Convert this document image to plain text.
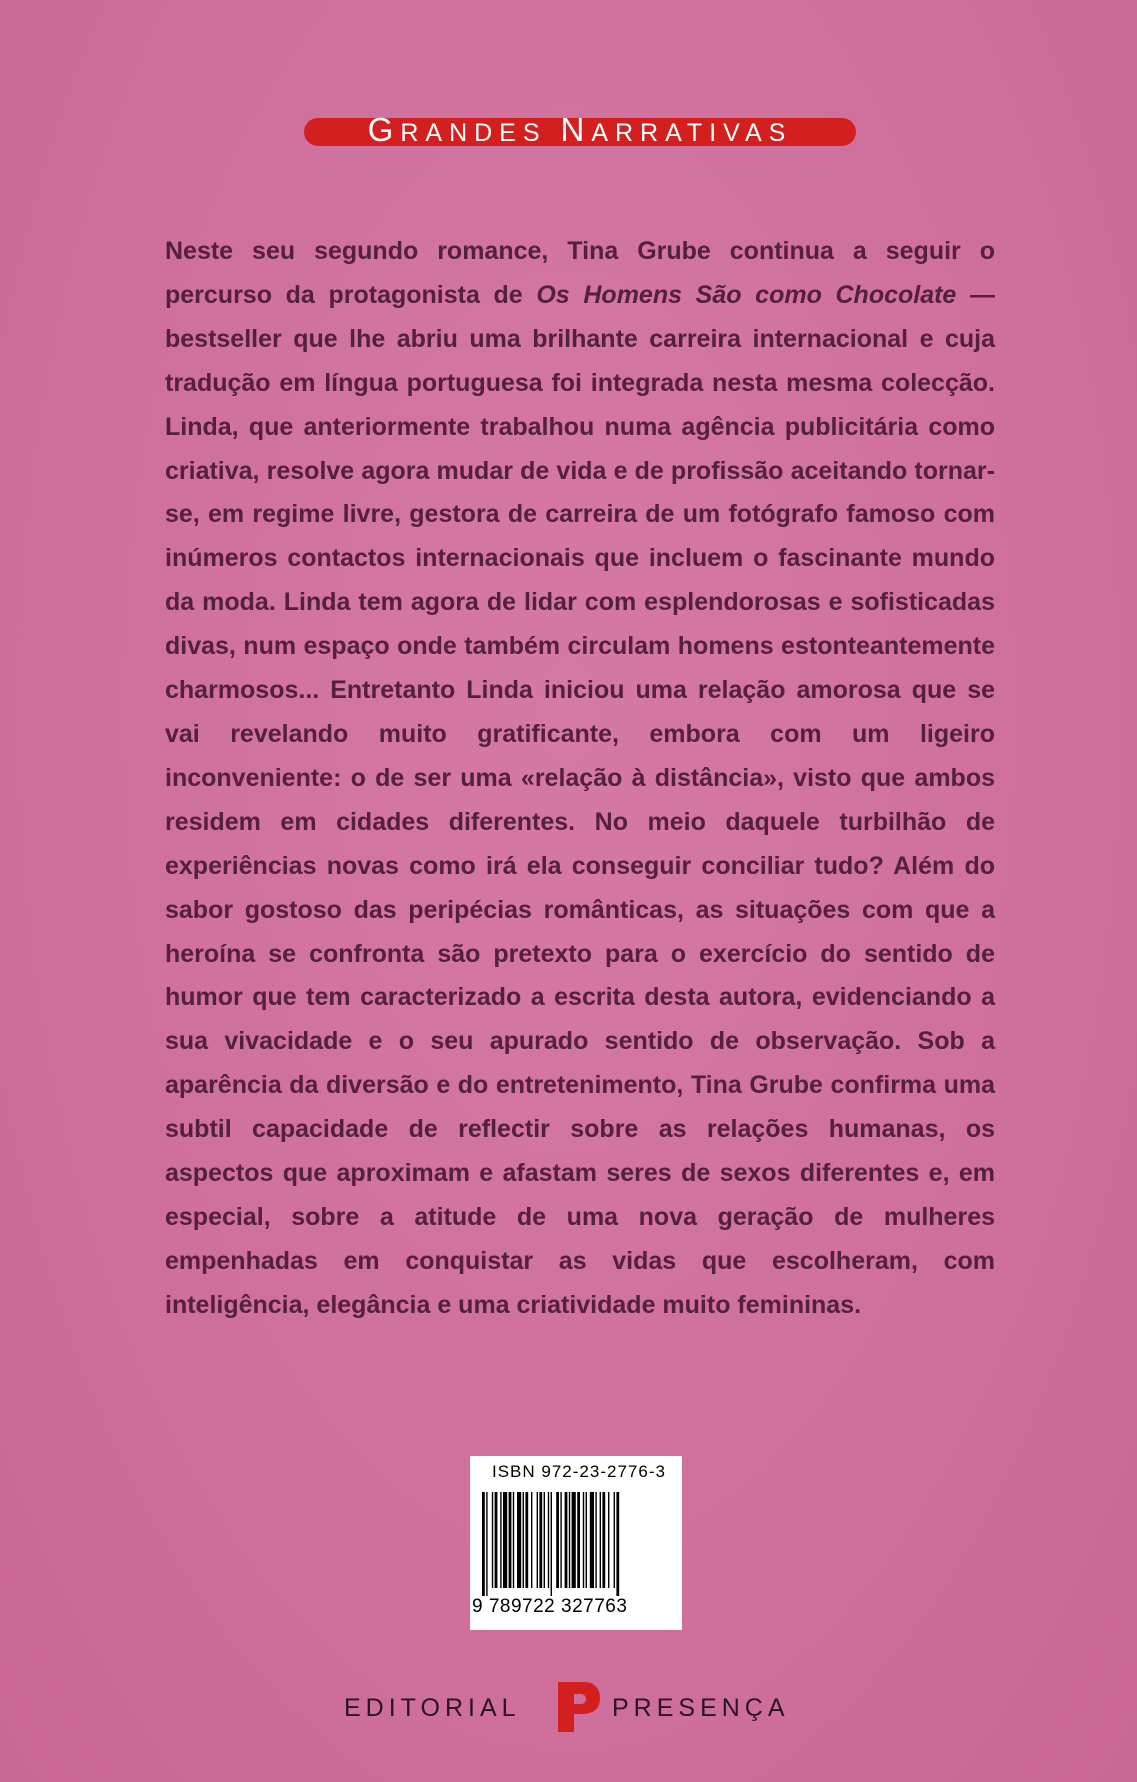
GRANDES NARRATIVAS

Neste seu segundo romance, Tina Grube continua a seguir o percurso da protagonista de Os Homens São como Chocolate — bestseller que lhe abriu uma brilhante carreira internacional e cuja tradução em língua portuguesa foi integrada nesta mesma colecção. Linda, que anteriormente trabalhou numa agência publicitária como criativa, resolve agora mudar de vida e de profissão aceitando tornar-se, em regime livre, gestora de carreira de um fotógrafo famoso com inúmeros contactos internacionais que incluem o fascinante mundo da moda. Linda tem agora de lidar com esplendorosas e sofisticadas divas, num espaço onde também circulam homens estonteantemente charmosos... Entretanto Linda iniciou uma relação amorosa que se vai revelando muito gratificante, embora com um ligeiro inconveniente: o de ser uma «relação à distância», visto que ambos residem em cidades diferentes. No meio daquele turbilhão de experiências novas como irá ela conseguir conciliar tudo? Além do sabor gostoso das peripécias românticas, as situações com que a heroína se confronta são pretexto para o exercício do sentido de humor que tem caracterizado a escrita desta autora, evidenciando a sua vivacidade e o seu apurado sentido de observação. Sob a aparência da diversão e do entretenimento, Tina Grube confirma uma subtil capacidade de reflectir sobre as relações humanas, os aspectos que aproximam e afastam seres de sexos diferentes e, em especial, sobre a atitude de uma nova geração de mulheres empenhadas em conquistar as vidas que escolheram, com inteligência, elegância e uma criatividade muito femininas.

ISBN 972-23-2776-3
9 789722 327763
EDITORIAL	PRESENÇA
